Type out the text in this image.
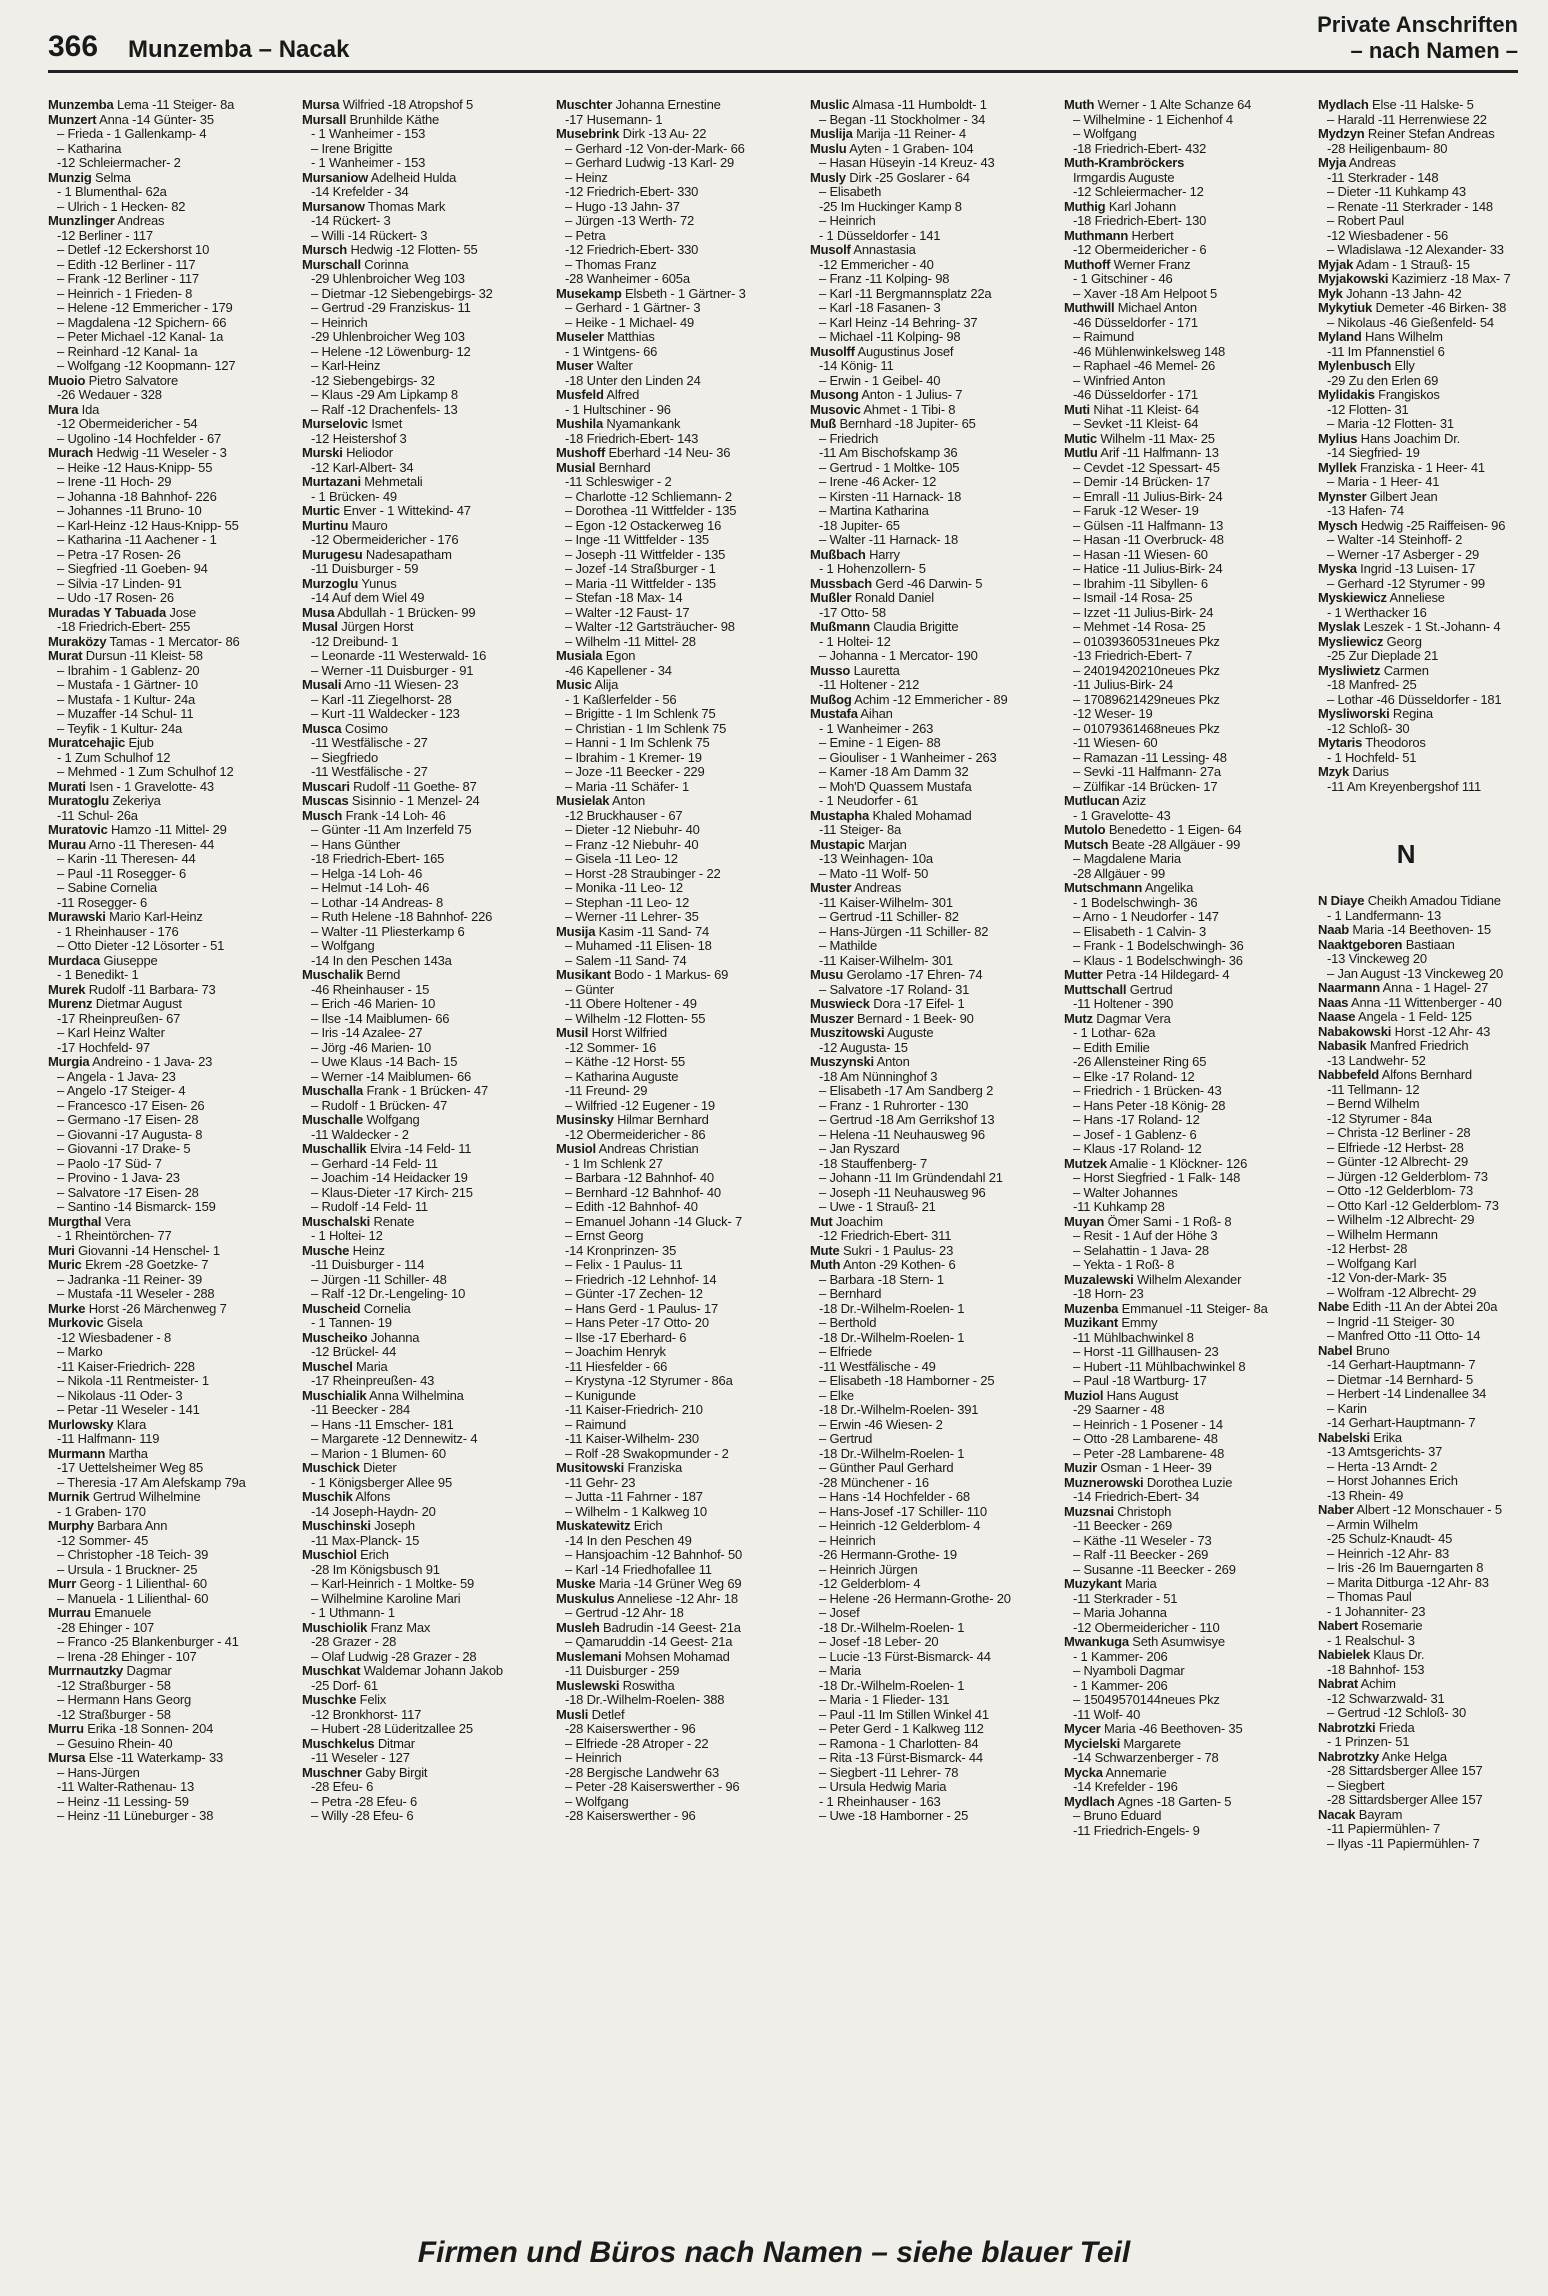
366 Munzemba – Nacak
Private Anschriften
– nach Namen –
Munzemba Lema -11 Steiger- 8a
Munzert Anna -14 Günter- 35
– Frieda - 1 Gallenkamp- 4
– Katharina
-12 Schleiermacher- 2
Munzig Selma
- 1 Blumenthal- 62a
– Ulrich - 1 Hecken- 82
Munzlinger Andreas
-12 Berliner - 117
– Detlef -12 Eckershorst 10
– Edith -12 Berliner - 117
– Frank -12 Berliner - 117
– Heinrich - 1 Frieden- 8
– Helene -12 Emmericher - 179
– Magdalena -12 Spichern- 66
– Peter Michael -12 Kanal- 1a
– Reinhard -12 Kanal- 1a
– Wolfgang -12 Koopmann- 127
Muoio Pietro Salvatore
-26 Wedauer - 328
Mura Ida
-12 Obermeidericher - 54
– Ugolino -14 Hochfelder - 67
Murach Hedwig -11 Weseler - 3
– Heike -12 Haus-Knipp- 55
– Irene -11 Hoch- 29
– Johanna -18 Bahnhof- 226
– Johannes -11 Bruno- 10
– Karl-Heinz -12 Haus-Knipp- 55
– Katharina -11 Aachener - 1
– Petra -17 Rosen- 26
– Siegfried -11 Goeben- 94
– Silvia -17 Linden- 91
– Udo -17 Rosen- 26
Muradas Y Tabuada Jose
-18 Friedrich-Ebert- 255
Muraközy Tamas - 1 Mercator- 86
Murat Dursun -11 Kleist- 58
– Ibrahim - 1 Gablenz- 20
– Mustafa - 1 Gärtner- 10
– Mustafa - 1 Kultur- 24a
– Muzaffer -14 Schul- 11
– Teyfik - 1 Kultur- 24a
Muratcehajic Ejub
- 1 Zum Schulhof 12
– Mehmed - 1 Zum Schulhof 12
Murati Isen - 1 Gravelotte- 43
Muratoglu Zekeriya
-11 Schul- 26a
Muratovic Hamzo -11 Mittel- 29
Murau Arno -11 Theresen- 44
– Karin -11 Theresen- 44
– Paul -11 Rosegger- 6
– Sabine Cornelia
-11 Rosegger- 6
Murawski Mario Karl-Heinz
- 1 Rheinhauser - 176
– Otto Dieter -12 Lösorter - 51
Murdaca Giuseppe
- 1 Benedikt- 1
Murek Rudolf -11 Barbara- 73
Murenz Dietmar August
-17 Rheinpreußen- 67
– Karl Heinz Walter
-17 Hochfeld- 97
Murgia Andreino - 1 Java- 23
– Angela - 1 Java- 23
– Angelo -17 Steiger- 4
– Francesco -17 Eisen- 26
– Germano -17 Eisen- 28
– Giovanni -17 Augusta- 8
– Giovanni -17 Drake- 5
– Paolo -17 Süd- 7
– Provino - 1 Java- 23
– Salvatore -17 Eisen- 28
– Santino -14 Bismarck- 159
Murgthal Vera
- 1 Rheintörchen- 77
Muri Giovanni -14 Henschel- 1
Muric Ekrem -28 Goetzke- 7
– Jadranka -11 Reiner- 39
– Mustafa -11 Weseler - 288
Murke Horst -26 Märchenweg 7
Murkovic Gisela
-12 Wiesbadener - 8
– Marko
-11 Kaiser-Friedrich- 228
– Nikola -11 Rentmeister- 1
– Nikolaus -11 Oder- 3
– Petar -11 Weseler - 141
Murlowsky Klara
-11 Halfmann- 119
Murmann Martha
-17 Uettelsheimer Weg 85
– Theresia -17 Am Alefskamp 79a
Murnik Gertrud Wilhelmine
- 1 Graben- 170
Murphy Barbara Ann
-12 Sommer- 45
– Christopher -18 Teich- 39
– Ursula - 1 Bruckner- 25
Murr Georg - 1 Lilienthal- 60
– Manuela - 1 Lilienthal- 60
Murrau Emanuele
-28 Ehinger - 107
– Franco -25 Blankenburger - 41
– Irena -28 Ehinger - 107
Murrnautzky Dagmar
-12 Straßburger - 58
– Hermann Hans Georg
-12 Straßburger - 58
Murru Erika -18 Sonnen- 204
– Gesuino Rhein- 40
Mursa Else -11 Waterkamp- 33
– Hans-Jürgen
-11 Walter-Rathenau- 13
– Heinz -11 Lessing- 59
– Heinz -11 Lüneburger - 38
Mursa Wilfried -18 Atropshof 5
Mursall Brunhilde Käthe
- 1 Wanheimer - 153
– Irene Brigitte
- 1 Wanheimer - 153
Mursaniow Adelheid Hulda
-14 Krefelder - 34
Mursanow Thomas Mark
-14 Rückert- 3
– Willi -14 Rückert- 3
Mursch Hedwig -12 Flotten- 55
Murschall Corinna
-29 Uhlenbroicher Weg 103
– Dietmar -12 Siebengebirgs- 32
– Gertrud -29 Franziskus- 11
– Heinrich
-29 Uhlenbroicher Weg 103
– Helene -12 Löwenburg- 12
– Karl-Heinz
-12 Siebengebirgs- 32
– Klaus -29 Am Lipkamp 8
– Ralf -12 Drachenfels- 13
Murselovic Ismet
-12 Heistershof 3
Murski Heliodor
-12 Karl-Albert- 34
Murtazani Mehmetali
- 1 Brücken- 49
Murtic Enver - 1 Wittekind- 47
Murtinu Mauro
-12 Obermeidericher - 176
Murugesu Nadesapatham
-11 Duisburger - 59
Murzoglu Yunus
-14 Auf dem Wiel 49
Musa Abdullah - 1 Brücken- 99
Musal Jürgen Horst
-12 Dreibund- 1
– Leonarde -11 Westerwald- 16
– Werner -11 Duisburger - 91
Musali Arno -11 Wiesen- 23
– Karl -11 Ziegelhorst- 28
– Kurt -11 Waldecker - 123
Musca Cosimo
-11 Westfälische - 27
– Siegfriedo
-11 Westfälische - 27
Muscari Rudolf -11 Goethe- 87
Muscas Sisinnio - 1 Menzel- 24
Musch Frank -14 Loh- 46
– Günter -11 Am Inzerfeld 75
– Hans Günther
-18 Friedrich-Ebert- 165
– Helga -14 Loh- 46
– Helmut -14 Loh- 46
– Lothar -14 Andreas- 8
– Ruth Helene -18 Bahnhof- 226
– Walter -11 Pliesterkamp 6
– Wolfgang
-14 In den Peschen 143a
Muschalik Bernd
-46 Rheinhauser - 15
– Erich -46 Marien- 10
– Ilse -14 Maiblumen- 66
– Iris -14 Azalee- 27
– Jörg -46 Marien- 10
– Uwe Klaus -14 Bach- 15
– Werner -14 Maiblumen- 66
Muschalla Frank - 1 Brücken- 47
– Rudolf - 1 Brücken- 47
Muschalle Wolfgang
-11 Waldecker - 2
Muschallik Elvira -14 Feld- 11
– Gerhard -14 Feld- 11
– Joachim -14 Heidacker 19
– Klaus-Dieter -17 Kirch- 215
– Rudolf -14 Feld- 11
Muschalski Renate
- 1 Holtei- 12
Musche Heinz
-11 Duisburger - 114
– Jürgen -11 Schiller- 48
– Ralf -12 Dr.-Lengeling- 10
Muscheid Cornelia
- 1 Tannen- 19
Muscheiko Johanna
-12 Brückel- 44
Muschel Maria
-17 Rheinpreußen- 43
Muschialik Anna Wilhelmina
-11 Beecker - 284
– Hans -11 Emscher- 181
– Margarete -12 Dennewitz- 4
– Marion - 1 Blumen- 60
Muschick Dieter
- 1 Königsberger Allee 95
Muschik Alfons
-14 Joseph-Haydn- 20
Muschinski Joseph
-11 Max-Planck- 15
Muschiol Erich
-28 Im Königsbusch 91
– Karl-Heinrich - 1 Moltke- 59
– Wilhelmine Karoline Mari
- 1 Uthmann- 1
Muschiolik Franz Max
-28 Grazer - 28
– Olaf Ludwig -28 Grazer - 28
Muschkat Waldemar Johann Jakob
-25 Dorf- 61
Muschke Felix
-12 Bronkhorst- 117
– Hubert -28 Lüderitzallee 25
Muschkelus Ditmar
-11 Weseler - 127
Muschner Gaby Birgit
-28 Efeu- 6
– Petra -28 Efeu- 6
– Willy -28 Efeu- 6
Muschter Johanna Ernestine
-17 Husemann- 1
Musebrink Dirk -13 Au- 22
– Gerhard -12 Von-der-Mark- 66
– Gerhard Ludwig -13 Karl- 29
– Heinz
-12 Friedrich-Ebert- 330
– Hugo -13 Jahn- 37
– Jürgen -13 Werth- 72
– Petra
-12 Friedrich-Ebert- 330
– Thomas Franz
-28 Wanheimer - 605a
Musekamp Elsbeth - 1 Gärtner- 3
– Gerhard - 1 Gärtner- 3
– Heike - 1 Michael- 49
Museler Matthias
- 1 Wintgens- 66
Muser Walter
-18 Unter den Linden 24
Musfeld Alfred
- 1 Hultschiner - 96
Mushila Nyamankank
-18 Friedrich-Ebert- 143
Mushoff Eberhard -14 Neu- 36
Musial Bernhard
-11 Schleswiger - 2
– Charlotte -12 Schliemann- 2
– Dorothea -11 Wittfelder - 135
– Egon -12 Ostackerweg 16
– Inge -11 Wittfelder - 135
– Joseph -11 Wittfelder - 135
– Jozef -14 Straßburger - 1
– Maria -11 Wittfelder - 135
– Stefan -18 Max- 14
– Walter -12 Faust- 17
– Walter -12 Gartsträucher- 98
– Wilhelm -11 Mittel- 28
Musiala Egon
-46 Kapellener - 34
Music Alija
- 1 Kaßlerfelder - 56
– Brigitte - 1 Im Schlenk 75
– Christian - 1 Im Schlenk 75
– Hanni - 1 Im Schlenk 75
– Ibrahim - 1 Kremer- 19
– Joze -11 Beecker - 229
– Maria -11 Schäfer- 1
Musielak Anton
-12 Bruckhauser - 67
– Dieter -12 Niebuhr- 40
– Franz -12 Niebuhr- 40
– Gisela -11 Leo- 12
– Horst -28 Straubinger - 22
– Monika -11 Leo- 12
– Stephan -11 Leo- 12
– Werner -11 Lehrer- 35
Musija Kasim -11 Sand- 74
– Muhamed -11 Elisen- 18
– Salem -11 Sand- 74
Musikant Bodo - 1 Markus- 69
– Günter
-11 Obere Holtener - 49
– Wilhelm -12 Flotten- 55
Musil Horst Wilfried
-12 Sommer- 16
– Käthe -12 Horst- 55
– Katharina Auguste
-11 Freund- 29
– Wilfried -12 Eugener - 19
Musinsky Hilmar Bernhard
-12 Obermeidericher - 86
Musiol Andreas Christian
- 1 Im Schlenk 27
– Barbara -12 Bahnhof- 40
– Bernhard -12 Bahnhof- 40
– Edith -12 Bahnhof- 40
– Emanuel Johann -14 Gluck- 7
– Ernst Georg
-14 Kronprinzen- 35
– Felix - 1 Paulus- 11
– Friedrich -12 Lehnhof- 14
– Günter -17 Zechen- 12
– Hans Gerd - 1 Paulus- 17
– Hans Peter -17 Otto- 20
– Ilse -17 Eberhard- 6
– Joachim Henryk
-11 Hiesfelder - 66
– Krystyna -12 Styrumer - 86a
– Kunigunde
-11 Kaiser-Friedrich- 210
– Raimund
-11 Kaiser-Wilhelm- 230
– Rolf -28 Swakopmunder - 2
Musitowski Franziska
-11 Gehr- 23
– Jutta -11 Fahrner - 187
– Wilhelm - 1 Kalkweg 10
Muskatewitz Erich
-14 In den Peschen 49
– Hansjoachim -12 Bahnhof- 50
– Karl -14 Friedhofallee 11
Muske Maria -14 Grüner Weg 69
Muskulus Anneliese -12 Ahr- 18
– Gertrud -12 Ahr- 18
Musleh Badrudin -14 Geest- 21a
– Qamaruddin -14 Geest- 21a
Muslemani Mohsen Mohamad
-11 Duisburger - 259
Muslewski Roswitha
-18 Dr.-Wilhelm-Roelen- 388
Musli Detlef
-28 Kaiserswerther - 96
– Elfriede -28 Atroper - 22
– Heinrich
-28 Bergische Landwehr 63
– Peter -28 Kaiserswerther - 96
– Wolfgang
-28 Kaiserswerther - 96
Muslic Almasa -11 Humboldt- 1
– Began -11 Stockholmer - 34
Muslija Marija -11 Reiner- 4
Muslu Ayten - 1 Graben- 104
– Hasan Hüseyin -14 Kreuz- 43
Musly Dirk -25 Goslarer - 64
– Elisabeth
-25 Im Huckinger Kamp 8
– Heinrich
- 1 Düsseldorfer - 141
Musolf Annastasia
-12 Emmericher - 40
– Franz -11 Kolping- 98
– Karl -11 Bergmannsplatz 22a
– Karl -18 Fasanen- 3
– Karl Heinz -14 Behring- 37
– Michael -11 Kolping- 98
Musolff Augustinus Josef
-14 König- 11
– Erwin - 1 Geibel- 40
Musong Anton - 1 Julius- 7
Musovic Ahmet - 1 Tibi- 8
Muß Bernhard -18 Jupiter- 65
– Friedrich
-11 Am Bischofskamp 36
– Gertrud - 1 Moltke- 105
– Irene -46 Acker- 12
– Kirsten -11 Harnack- 18
– Martina Katharina
-18 Jupiter- 65
– Walter -11 Harnack- 18
Mußbach Harry
- 1 Hohenzollern- 5
Mussbach Gerd -46 Darwin- 5
Mußler Ronald Daniel
-17 Otto- 58
Mußmann Claudia Brigitte
- 1 Holtei- 12
– Johanna - 1 Mercator- 190
Musso Lauretta
-11 Holtener - 212
Mußog Achim -12 Emmericher - 89
Mustafa Aihan
- 1 Wanheimer - 263
– Emine - 1 Eigen- 88
– Giouliser - 1 Wanheimer - 263
– Kamer -18 Am Damm 32
– Moh'D Quassem Mustafa
- 1 Neudorfer - 61
Mustapha Khaled Mohamad
-11 Steiger- 8a
Mustapic Marjan
-13 Weinhagen- 10a
– Mato -11 Wolf- 50
Muster Andreas
-11 Kaiser-Wilhelm- 301
– Gertrud -11 Schiller- 82
– Hans-Jürgen -11 Schiller- 82
– Mathilde
-11 Kaiser-Wilhelm- 301
Musu Gerolamo -17 Ehren- 74
– Salvatore -17 Roland- 31
Muswieck Dora -17 Eifel- 1
Muszer Bernard - 1 Beek- 90
Muszitowski Auguste
-12 Augusta- 15
Muszynski Anton
-18 Am Nünninghof 3
– Elisabeth -17 Am Sandberg 2
– Franz - 1 Ruhrorter - 130
– Gertrud -18 Am Gerrikshof 13
– Helena -11 Neuhausweg 96
– Jan Ryszard
-18 Stauffenberg- 7
– Johann -11 Im Gründendahl 21
– Joseph -11 Neuhausweg 96
– Uwe - 1 Strauß- 21
Mut Joachim
-12 Friedrich-Ebert- 311
Mute Sukri - 1 Paulus- 23
Muth Anton -29 Kothen- 6
– Barbara -18 Stern- 1
– Bernhard
-18 Dr.-Wilhelm-Roelen- 1
– Berthold
-18 Dr.-Wilhelm-Roelen- 1
– Elfriede
-11 Westfälische - 49
– Elisabeth -18 Hamborner - 25
– Elke
-18 Dr.-Wilhelm-Roelen- 391
– Erwin -46 Wiesen- 2
– Gertrud
-18 Dr.-Wilhelm-Roelen- 1
– Günther Paul Gerhard
-28 Münchener - 16
– Hans -14 Hochfelder - 68
– Hans-Josef -17 Schiller- 110
– Heinrich -12 Gelderblom- 4
– Heinrich
-26 Hermann-Grothe- 19
– Heinrich Jürgen
-12 Gelderblom- 4
– Helene -26 Hermann-Grothe- 20
– Josef
-18 Dr.-Wilhelm-Roelen- 1
– Josef -18 Leber- 20
– Lucie -13 Fürst-Bismarck- 44
– Maria
-18 Dr.-Wilhelm-Roelen- 1
– Maria - 1 Flieder- 131
– Paul -11 Im Stillen Winkel 41
– Peter Gerd - 1 Kalkweg 112
– Ramona - 1 Charlotten- 84
– Rita -13 Fürst-Bismarck- 44
– Siegbert -11 Lehrer- 78
– Ursula Hedwig Maria
- 1 Rheinhauser - 163
– Uwe -18 Hamborner - 25
Muth Werner - 1 Alte Schanze 64
– Wilhelmine - 1 Eichenhof 4
– Wolfgang
-18 Friedrich-Ebert- 432
Muth-Krambröckers
Irmgardis Auguste
-12 Schleiermacher- 12
Muthig Karl Johann
-18 Friedrich-Ebert- 130
Muthmann Herbert
-12 Obermeidericher - 6
Muthoff Werner Franz
- 1 Gitschiner - 46
– Xaver -18 Am Helpoot 5
Muthwill Michael Anton
-46 Düsseldorfer - 171
– Raimund
-46 Mühlenwinkelsweg 148
– Raphael -46 Memel- 26
– Winfried Anton
-46 Düsseldorfer - 171
Muti Nihat -11 Kleist- 64
– Sevket -11 Kleist- 64
Mutic Wilhelm -11 Max- 25
Mutlu Arif -11 Halfmann- 13
– Cevdet -12 Spessart- 45
– Demir -14 Brücken- 17
– Emrall -11 Julius-Birk- 24
– Faruk -12 Weser- 19
– Gülsen -11 Halfmann- 13
– Hasan -11 Overbruck- 48
– Hasan -11 Wiesen- 60
– Hatice -11 Julius-Birk- 24
– Ibrahim -11 Sibyllen- 6
– Ismail -14 Rosa- 25
– Izzet -11 Julius-Birk- 24
– Mehmet -14 Rosa- 25
– 01039360531neues Pkz
-13 Friedrich-Ebert- 7
– 24019420210neues Pkz
-11 Julius-Birk- 24
– 17089621429neues Pkz
-12 Weser- 19
– 01079361468neues Pkz
-11 Wiesen- 60
– Ramazan -11 Lessing- 48
– Sevki -11 Halfmann- 27a
– Zülfikar -14 Brücken- 17
Mutlucan Aziz
- 1 Gravelotte- 43
Mutolo Benedetto - 1 Eigen- 64
Mutsch Beate -28 Allgäuer - 99
– Magdalene Maria
-28 Allgäuer - 99
Mutschmann Angelika
- 1 Bodelschwingh- 36
– Arno - 1 Neudorfer - 147
– Elisabeth - 1 Calvin- 3
– Frank - 1 Bodelschwingh- 36
– Klaus - 1 Bodelschwingh- 36
Mutter Petra -14 Hildegard- 4
Muttschall Gertrud
-11 Holtener - 390
Mutz Dagmar Vera
- 1 Lothar- 62a
– Edith Emilie
-26 Allensteiner Ring 65
– Elke -17 Roland- 12
– Friedrich - 1 Brücken- 43
– Hans Peter -18 König- 28
– Hans -17 Roland- 12
– Josef - 1 Gablenz- 6
– Klaus -17 Roland- 12
Mutzek Amalie - 1 Klöckner- 126
– Horst Siegfried - 1 Falk- 148
– Walter Johannes
-11 Kuhkamp 28
Muyan Ömer Sami - 1 Roß- 8
– Resit - 1 Auf der Höhe 3
– Selahattin - 1 Java- 28
– Yekta - 1 Roß- 8
Muzalewski Wilhelm Alexander
-18 Horn- 23
Muzenba Emmanuel -11 Steiger- 8a
Muzikant Emmy
-11 Mühlbachwinkel 8
– Horst -11 Gillhausen- 23
– Hubert -11 Mühlbachwinkel 8
– Paul -18 Wartburg- 17
Muziol Hans August
-29 Saarner - 48
– Heinrich - 1 Posener - 14
– Otto -28 Lambarene- 48
– Peter -28 Lambarene- 48
Muzir Osman - 1 Heer- 39
Muznerowski Dorothea Luzie
-14 Friedrich-Ebert- 34
Muzsnai Christoph
-11 Beecker - 269
– Käthe -11 Weseler - 73
– Ralf -11 Beecker - 269
– Susanne -11 Beecker - 269
Muzykant Maria
-11 Sterkrader - 51
– Maria Johanna
-12 Obermeidericher - 110
Mwankuga Seth Asumwisye
- 1 Kammer- 206
– Nyamboli Dagmar
- 1 Kammer- 206
– 15049570144neues Pkz
-11 Wolf- 40
Mycer Maria -46 Beethoven- 35
Mycielski Margarete
-14 Schwarzenberger - 78
Mycka Annemarie
-14 Krefelder - 196
Mydlach Agnes -18 Garten- 5
– Bruno Eduard
-11 Friedrich-Engels- 9
Mydlach Else -11 Halske- 5
– Harald -11 Herrenwiese 22
Mydzyn Reiner Stefan Andreas
-28 Heiligenbaum- 80
Myja Andreas
-11 Sterkrader - 148
– Dieter -11 Kuhkamp 43
– Renate -11 Sterkrader - 148
– Robert Paul
-12 Wiesbadener - 56
– Wladislawa -12 Alexander- 33
Myjak Adam - 1 Strauß- 15
Myjakowski Kazimierz -18 Max- 7
Myk Johann -13 Jahn- 42
Mykytiuk Demeter -46 Birken- 38
– Nikolaus -46 Gießenfeld- 54
Myland Hans Wilhelm
-11 Im Pfannenstiel 6
Mylenbusch Elly
-29 Zu den Erlen 69
Mylidakis Frangiskos
-12 Flotten- 31
– Maria -12 Flotten- 31
Mylius Hans Joachim Dr.
-14 Siegfried- 19
Myllek Franziska - 1 Heer- 41
– Maria - 1 Heer- 41
Mynster Gilbert Jean
-13 Hafen- 74
Mysch Hedwig -25 Raiffeisen- 96
– Walter -14 Steinhoff- 2
– Werner -17 Asberger - 29
Myska Ingrid -13 Luisen- 17
– Gerhard -12 Styrumer - 99
Myskiewicz Anneliese
- 1 Werthacker 16
Myslak Leszek - 1 St.-Johann- 4
Mysliewicz Georg
-25 Zur Dieplade 21
Mysliwietz Carmen
-18 Manfred- 25
– Lothar -46 Düsseldorfer - 181
Mysliworski Regina
-12 Schloß- 30
Mytaris Theodoros
- 1 Hochfeld- 51
Mzyk Darius
-11 Am Kreyenbergshof 111
N
N Diaye Cheikh Amadou Tidiane
- 1 Landfermann- 13
Naab Maria -14 Beethoven- 15
Naaktgeboren Bastiaan
-13 Vinckeweg 20
– Jan August -13 Vinckeweg 20
Naarmann Anna - 1 Hagel- 27
Naas Anna -11 Wittenberger - 40
Naase Angela - 1 Feld- 125
Nabakowski Horst -12 Ahr- 43
Nabasik Manfred Friedrich
-13 Landwehr- 52
Nabbefeld Alfons Bernhard
-11 Tellmann- 12
– Bernd Wilhelm
-12 Styrumer - 84a
– Christa -12 Berliner - 28
– Elfriede -12 Herbst- 28
– Günter -12 Albrecht- 29
– Jürgen -12 Gelderblom- 73
– Otto -12 Gelderblom- 73
– Otto Karl -12 Gelderblom- 73
– Wilhelm -12 Albrecht- 29
– Wilhelm Hermann
-12 Herbst- 28
– Wolfgang Karl
-12 Von-der-Mark- 35
– Wolfram -12 Albrecht- 29
Nabe Edith -11 An der Abtei 20a
– Ingrid -11 Steiger- 30
– Manfred Otto -11 Otto- 14
Nabel Bruno
-14 Gerhart-Hauptmann- 7
– Dietmar -14 Bernhard- 5
– Herbert -14 Lindenallee 34
– Karin
-14 Gerhart-Hauptmann- 7
Nabelski Erika
-13 Amtsgerichts- 37
– Herta -13 Arndt- 2
– Horst Johannes Erich
-13 Rhein- 49
Naber Albert -12 Monschauer - 5
– Armin Wilhelm
-25 Schulz-Knaudt- 45
– Heinrich -12 Ahr- 83
– Iris -26 Im Bauerngarten 8
– Marita Ditburga -12 Ahr- 83
– Thomas Paul
- 1 Johanniter- 23
Nabert Rosemarie
- 1 Realschul- 3
Nabielek Klaus Dr.
-18 Bahnhof- 153
Nabrat Achim
-12 Schwarzwald- 31
– Gertrud -12 Schloß- 30
Nabrotzki Frieda
- 1 Prinzen- 51
Nabrotzky Anke Helga
-28 Sittardsberger Allee 157
– Siegbert
-28 Sittardsberger Allee 157
Nacak Bayram
-11 Papiermühlen- 7
– Ilyas -11 Papiermühlen- 7
Firmen und Büros nach Namen – siehe blauer Teil
